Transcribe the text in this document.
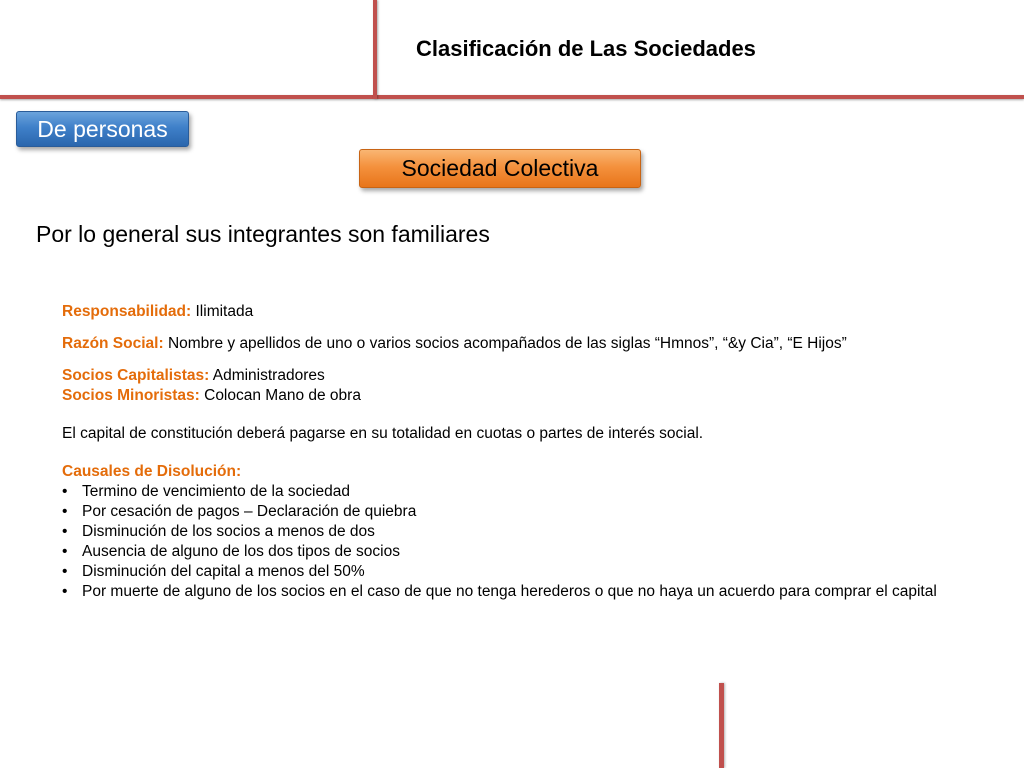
Clasificación de Las Sociedades
De personas
Sociedad Colectiva
Por lo general sus integrantes son familiares

Responsabilidad: Ilimitada

Razón Social: Nombre y apellidos de uno o varios socios acompañados de las siglas “Hmnos”, “&y Cia”, “E Hijos”

Socios Capitalistas: Administradores

Socios Minoristas: Colocan Mano de obra

El capital de constitución deberá pagarse en su totalidad en cuotas o partes de interés social.

Causales de Disolución:

• Termino de vencimiento de la sociedad
• Por cesación de pagos – Declaración de quiebra
• Disminución de los socios a menos de dos
• Ausencia de alguno de los dos tipos de socios
• Disminución del capital a menos del 50%
• Por muerte de alguno de los socios en el caso de que no tenga herederos o que no haya un acuerdo para comprar el capital
